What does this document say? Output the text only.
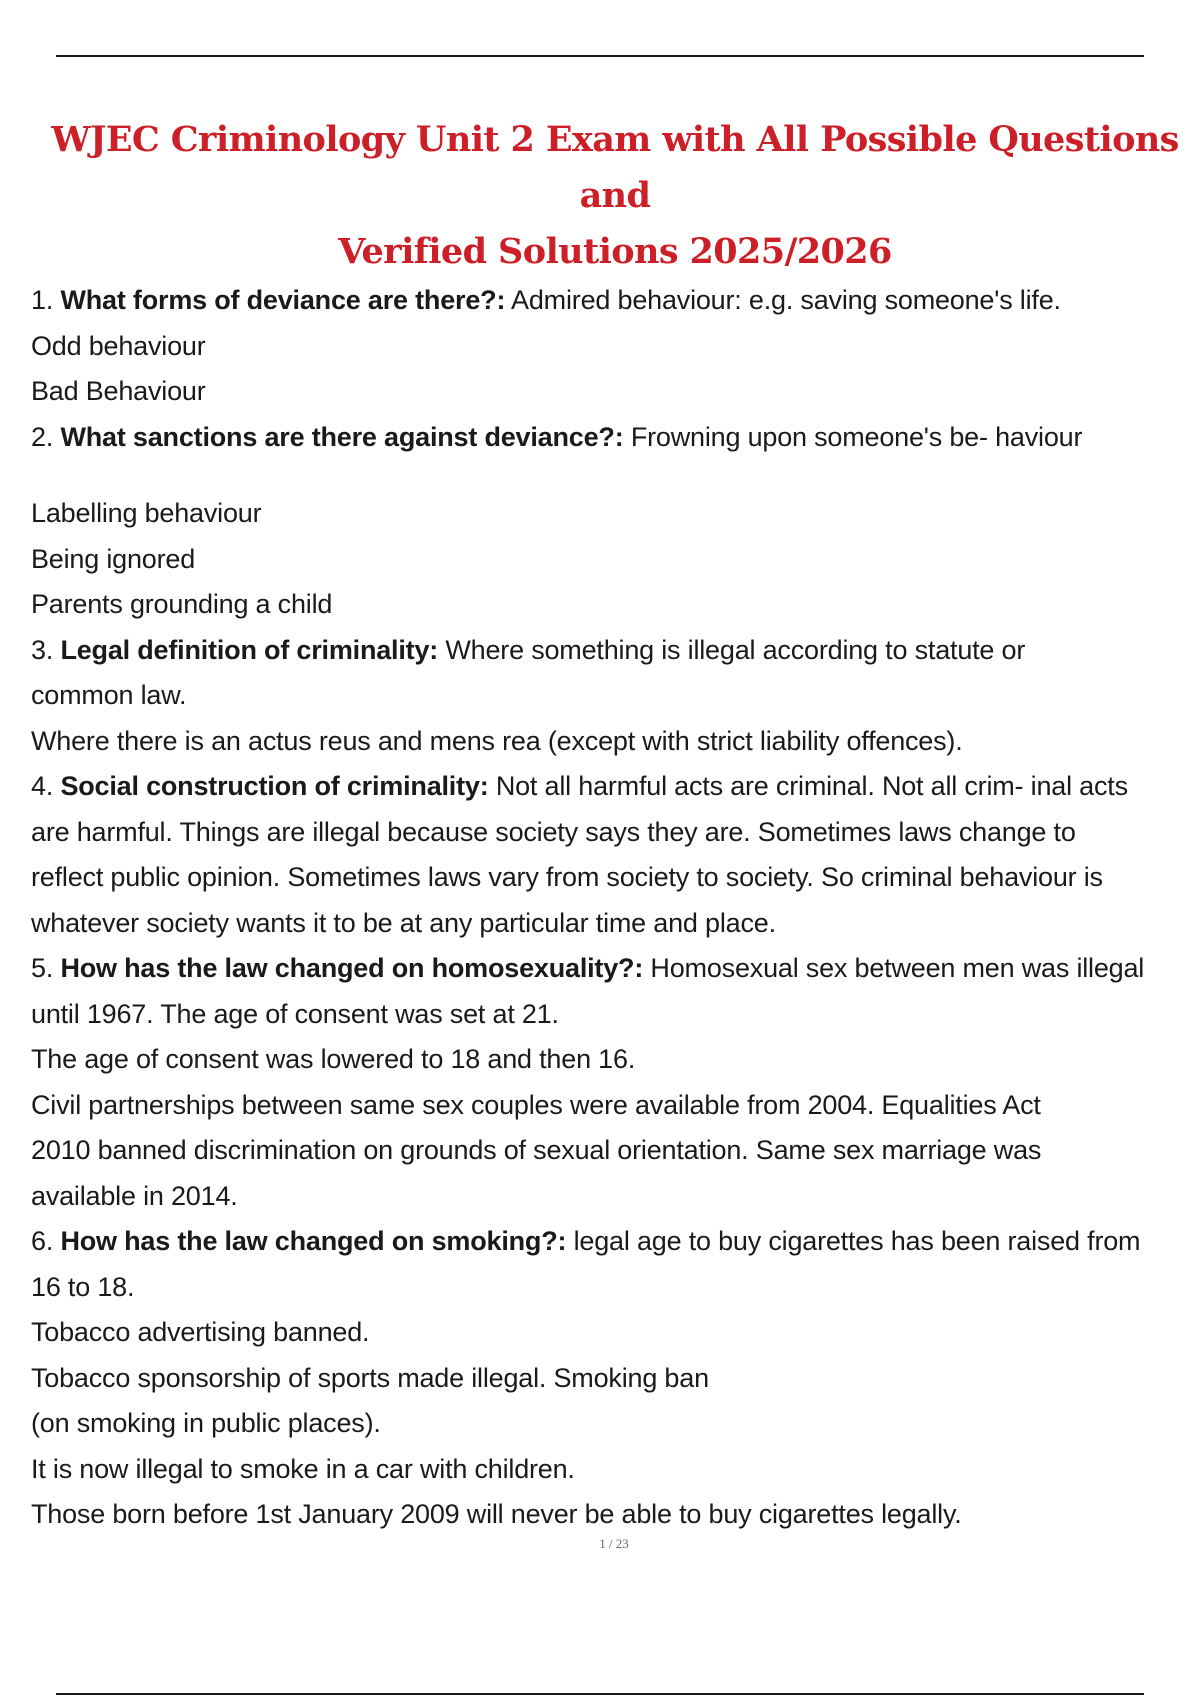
WJEC Criminology Unit 2 Exam with All Possible Questions and
Verified Solutions 2025/2026

1. What forms of deviance are there?: Admired behaviour: e.g. saving someone's life.

Odd behaviour

Bad Behaviour

2. What sanctions are there against deviance?: Frowning upon someone's be- haviour

Labelling behaviour

Being ignored

Parents grounding a child

3. Legal definition of criminality: Where something is illegal according to statute or

common law.

Where there is an actus reus and mens rea (except with strict liability offences).

4. Social construction of criminality: Not all harmful acts are criminal. Not all crim- inal acts

are harmful. Things are illegal because society says they are. Sometimes laws change to

reflect public opinion. Sometimes laws vary from society to society. So criminal behaviour is

whatever society wants it to be at any particular time and place.

5. How has the law changed on homosexuality?: Homosexual sex between men was illegal

until 1967. The age of consent was set at 21.

The age of consent was lowered to 18 and then 16.

Civil partnerships between same sex couples were available from 2004. Equalities Act

2010 banned discrimination on grounds of sexual orientation. Same sex marriage was

available in 2014.

6. How has the law changed on smoking?: legal age to buy cigarettes has been raised from

16 to 18.

Tobacco advertising banned.

Tobacco sponsorship of sports made illegal. Smoking ban

(on smoking in public places).

It is now illegal to smoke in a car with children.

Those born before 1st January 2009 will never be able to buy cigarettes legally.

1 / 23
